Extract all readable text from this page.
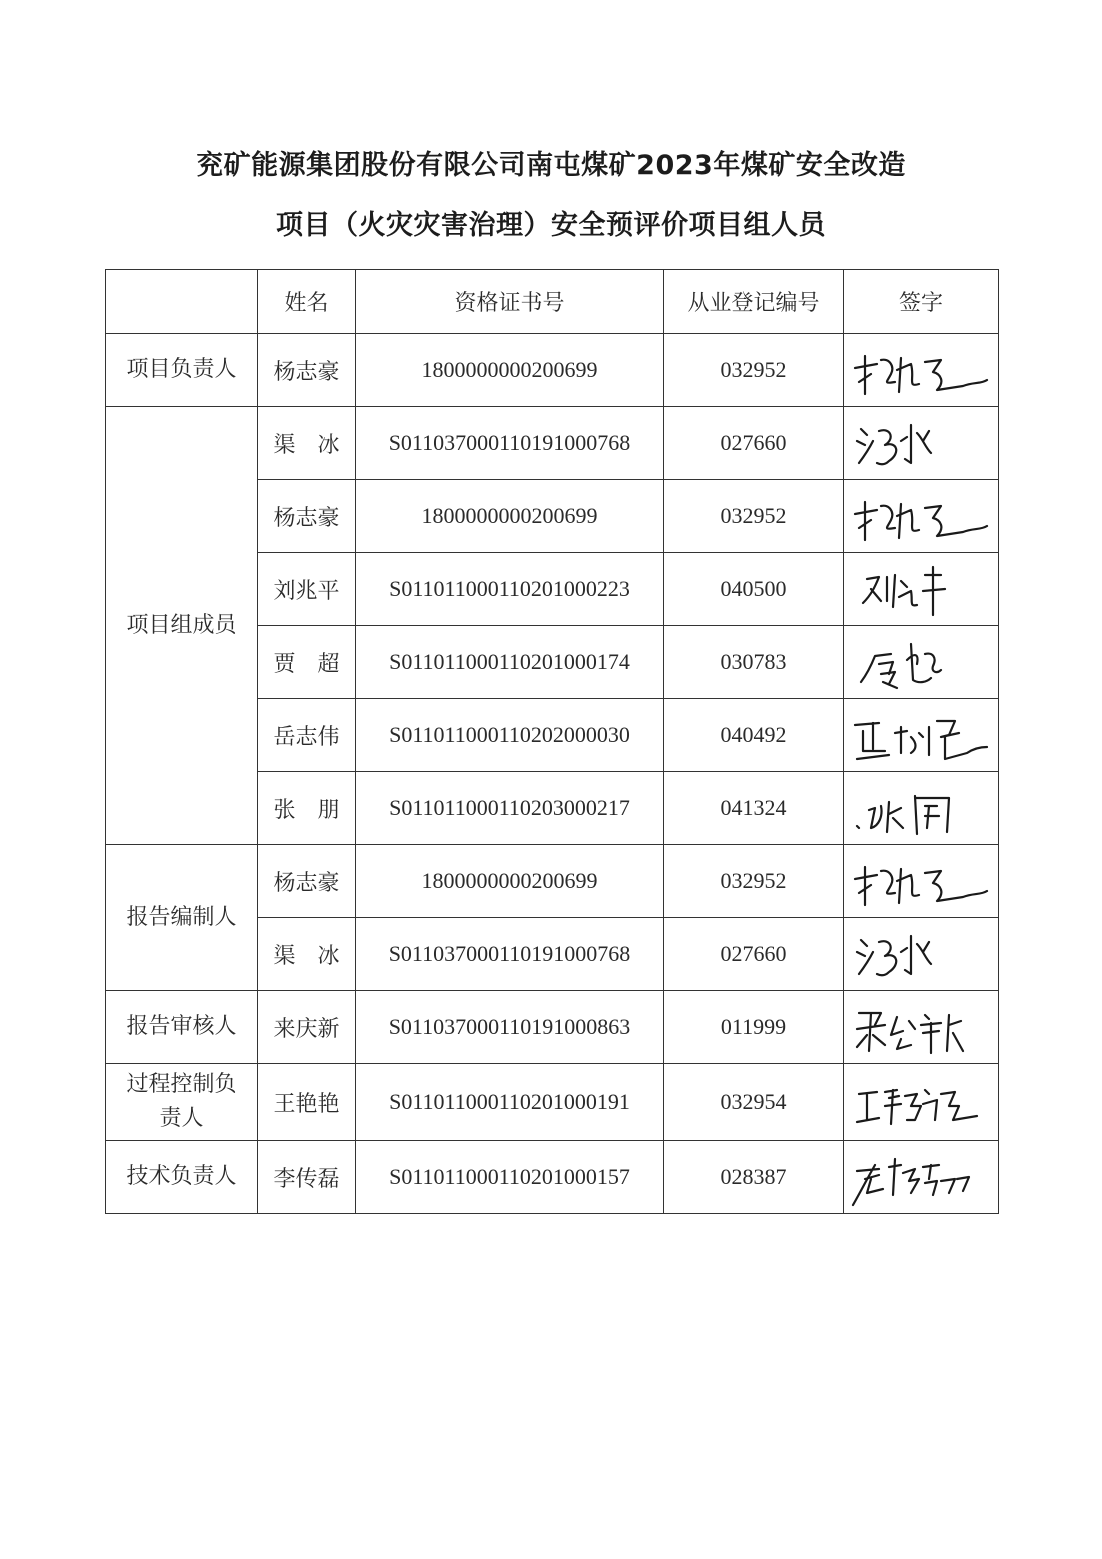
兖矿能源集团股份有限公司南屯煤矿2023年煤矿安全改造
项目（火灾灾害治理）安全预评价项目组人员
	姓名	资格证书号	从业登记编号	签字
项目负责人	杨志豪	1800000000200699	032952	

项目组成员	渠　冰	S011037000110191000768	027660	

	杨志豪	1800000000200699	032952	

	刘兆平	S011011000110201000223	040500	

	贾　超	S011011000110201000174	030783	

	岳志伟	S011011000110202000030	040492	

	张　朋	S011011000110203000217	041324	

报告编制人	杨志豪	1800000000200699	032952	

	渠　冰	S011037000110191000768	027660	

报告审核人	来庆新	S011037000110191000863	011999	

过程控制负责人	王艳艳	S011011000110201000191	032954	

技术负责人	李传磊	S011011000110201000157	028387	
